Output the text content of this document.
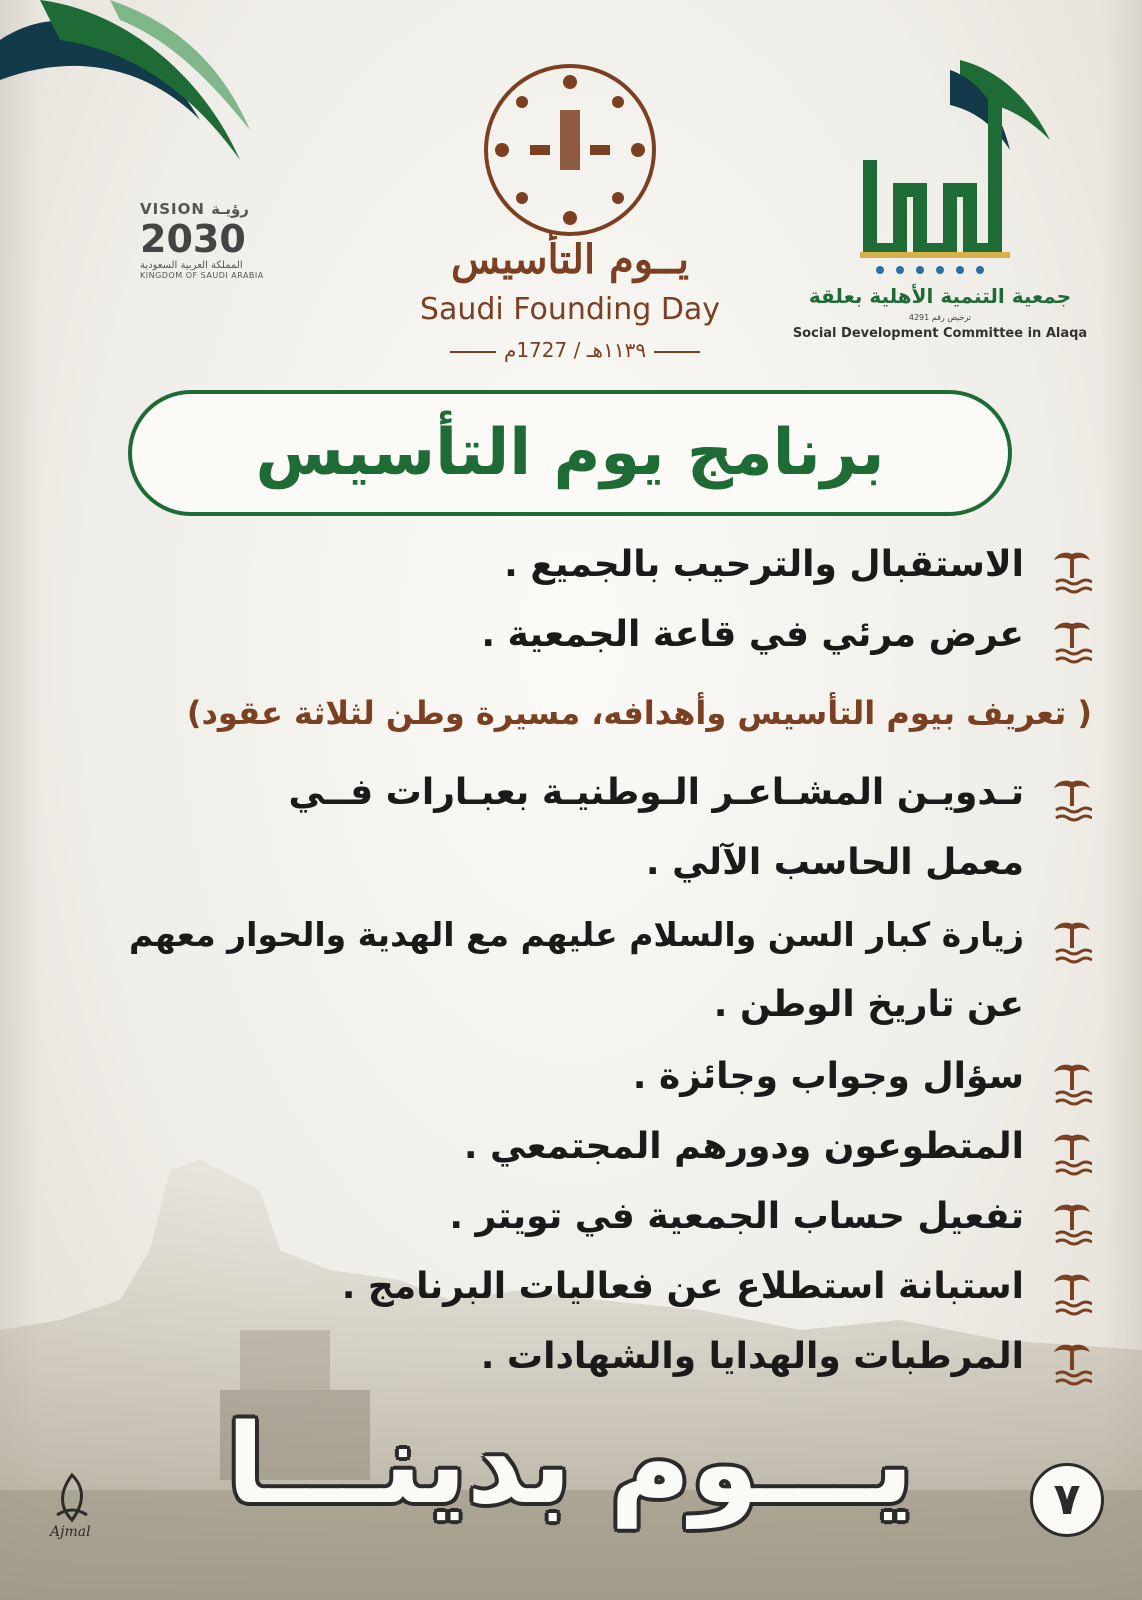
VISION رؤيـة
2030
المملكة العربية السعودية
KINGDOM OF SAUDI ARABIA	يــوم التأسيس
Saudi Founding Day
١١٣٩هـ / 1727م
جمعية التنمية الأهلية بعلقة
ترخيص رقم 4291
Social Development Committee in Alaqa
برنامج يوم التأسيس
الاستقبال والترحيب بالجميع .
عرض مرئي في قاعة الجمعية .
( تعريف بيوم التأسيس وأهدافه، مسيرة وطن لثلاثة عقود)
تـدويـن المشـاعـر الـوطنيـة بعبـارات فــي
معمل الحاسب الآلي .
زيارة كبار السن والسلام عليهم مع الهدية والحوار معهم
عن تاريخ الوطن .
سؤال وجواب وجائزة .
المتطوعون ودورهم المجتمعي .
تفعيل حساب الجمعية في تويتر .
استبانة استطلاع عن فعاليات البرنامج .
المرطبات والهدايا والشهادات .
يـــوم بدينـــا	٧
Ajmal
